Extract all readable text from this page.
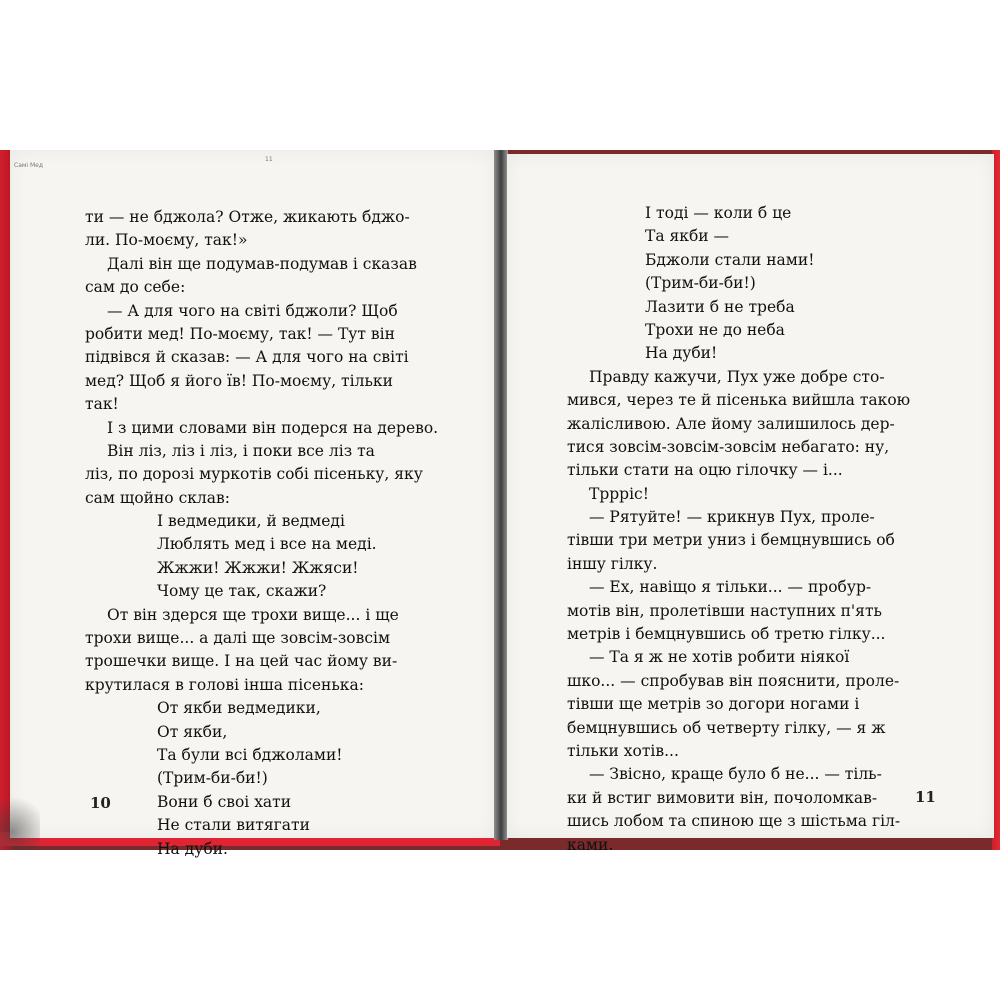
Самі Мед
11
ти — не бджола? Отже, жикають бджо-
ли. По-моєму, так!»
Далі він ще подумав-подумав і сказав
сам до себе:
— А для чого на світі бджоли? Щоб
робити мед! По-моєму, так! — Тут він
підвівся й сказав: — А для чого на світі
мед? Щоб я його їв! По-моєму, тільки
так!
І з цими словами він подерся на дерево.
Він ліз, ліз і ліз, і поки все ліз та
ліз, по дорозі муркотів собі пісеньку, яку
сам щойно склав:
І ведмедики, й ведмеді
Люблять мед і все на меді.
Жжжи! Жжжи! Жжяси!
Чому це так, скажи?
От він здерся ще трохи вище... і ще
трохи вище... а далі ще зовсім-зовсім
трошечки вище. І на цей час йому ви-
крутилася в голові інша пісенька:
От якби ведмедики,
От якби,
Та були всі бджолами!
(Трим-би-би!)
Вони б своі хати
Не стали витягати
На дуби.
10
І тоді — коли б це
Та якби —
Бджоли стали нами!
(Трим-би-би!)
Лазити б не треба
Трохи не до неба
На дуби!
Правду кажучи, Пух уже добре сто-
мився, через те й пісенька вийшла такою
жалісливою. Але йому залишилось дер-
тися зовсім-зовсім-зовсім небагато: ну,
тільки стати на оцю гілочку — і...
Тррріс!
— Рятуйте! — крикнув Пух, проле-
тівши три метри униз і бемцнувшись об
іншу гілку.
— Ех, навіщо я тільки... — пробур-
мотів він, пролетівши наступних п'ять
метрів і бемцнувшись об третю гілку...
— Та я ж не хотів робити ніякої
шко... — спробував він пояснити, проле-
тівши ще метрів зо догори ногами і
бемцнувшись об четверту гілку, — я ж
тільки хотів...
— Звісно, краще було б не... — тіль-
ки й встиг вимовити він, почоломкав-
шись лобом та спиною ще з шістьма гіл-
ками.
11
